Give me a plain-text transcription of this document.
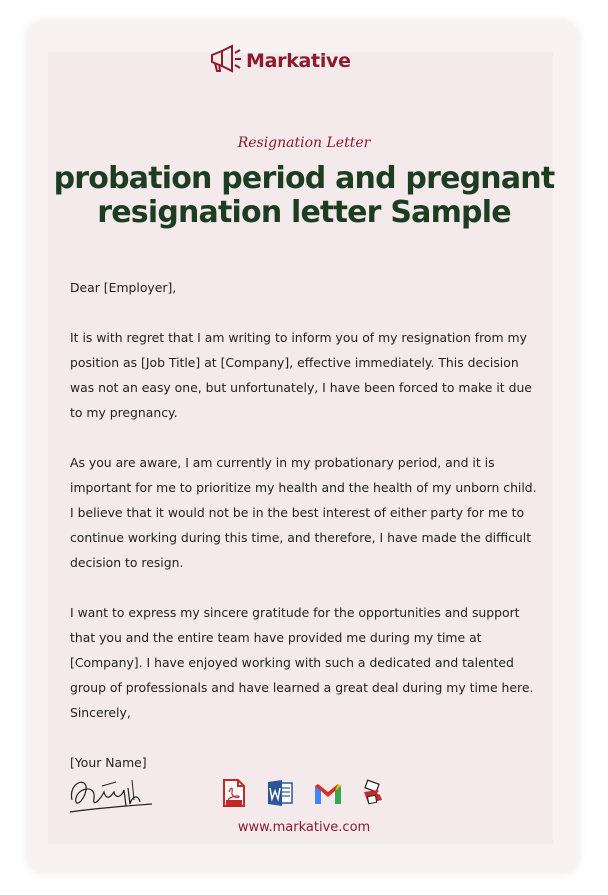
Markative
Resignation Letter
probation period and pregnant resignation letter Sample

Dear [Employer],

It is with regret that I am writing to inform you of my resignation from my position as [Job Title] at [Company], effective immediately. This decision was not an easy one, but unfortunately, I have been forced to make it due to my pregnancy.

As you are aware, I am currently in my probationary period, and it is important for me to prioritize my health and the health of my unborn child. I believe that it would not be in the best interest of either party for me to continue working during this time, and therefore, I have made the difficult decision to resign.

I want to express my sincere gratitude for the opportunities and support that you and the entire team have provided me during my time at [Company]. I have enjoyed working with such a dedicated and talented group of professionals and have learned a great deal during my time here.

Sincerely,

[Your Name]

www.markative.com
